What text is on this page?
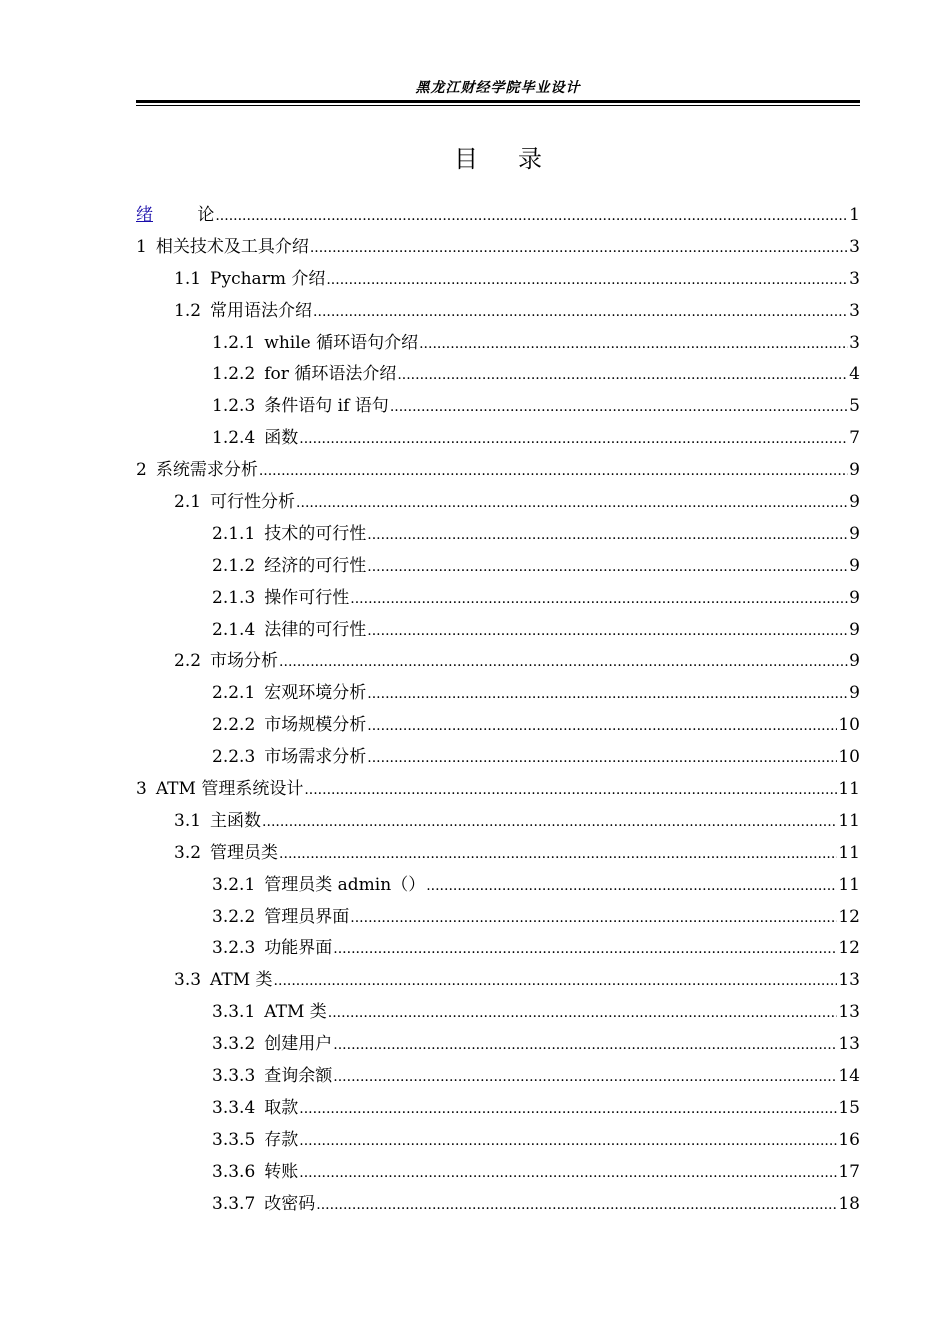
黑龙江财经学院毕业设计
目录
绪	论 .....	1
1 相关技术及工具介绍 .....	3
1.1 Pycharm 介绍 .....	3
1.2 常用语法介绍 .....	3
1.2.1 while 循环语句介绍 .....	3
1.2.2 for 循环语法介绍 .....	4
1.2.3 条件语句 if 语句 .....	5
1.2.4 函数 .....	7
2 系统需求分析 .....	9
2.1 可行性分析 .....	9
2.1.1 技术的可行性 .....	9
2.1.2 经济的可行性 .....	9
2.1.3 操作可行性 .....	9
2.1.4 法律的可行性 .....	9
2.2 市场分析 .....	9
2.2.1 宏观环境分析 .....	9
2.2.2 市场规模分析 .....	10
2.2.3 市场需求分析 .....	10
3 ATM 管理系统设计 .....	11
3.1 主函数 .....	11
3.2 管理员类 .....	11
3.2.1 管理员类 admin（） .....	11
3.2.2 管理员界面 .....	12
3.2.3 功能界面 .....	12
3.3 ATM 类 .....	13
3.3.1 ATM 类 .....	13
3.3.2 创建用户 .....	13
3.3.3 查询余额 .....	14
3.3.4 取款 .....	15
3.3.5 存款 .....	16
3.3.6 转账 .....	17
3.3.7 改密码 .....	18
